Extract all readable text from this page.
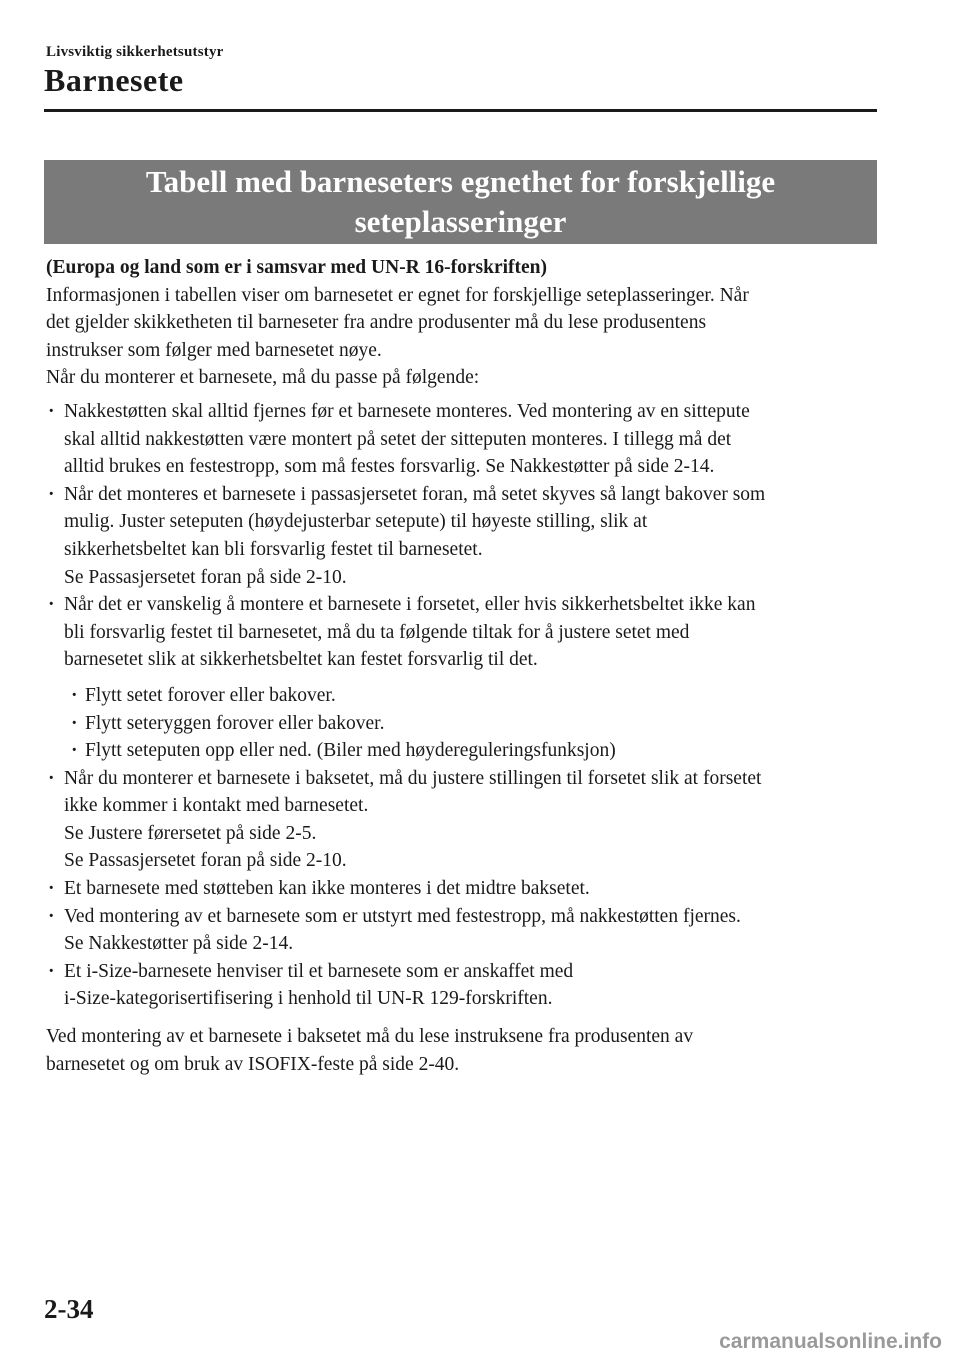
Livsviktig sikkerhetsutstyr
Barnesete
Tabell med barneseters egnethet for forskjellige
seteplasseringer

(Europa og land som er i samsvar med UN-R 16-forskriften)

Informasjonen i tabellen viser om barnesetet er egnet for forskjellige seteplasseringer. Når
det gjelder skikketheten til barneseter fra andre produsenter må du lese produsentens
instrukser som følger med barnesetet nøye.
Når du monterer et barnesete, må du passe på følgende:

· Nakkestøtten skal alltid fjernes før et barnesete monteres. Ved montering av en sittepute
skal alltid nakkestøtten være montert på setet der sitteputen monteres. I tillegg må det
alltid brukes en festestropp, som må festes forsvarlig. Se Nakkestøtter på side 2-14.
· Når det monteres et barnesete i passasjersetet foran, må setet skyves så langt bakover som
mulig. Juster seteputen (høydejusterbar setepute) til høyeste stilling, slik at
sikkerhetsbeltet kan bli forsvarlig festet til barnesetet.
Se Passasjersetet foran på side 2-10.
· Når det er vanskelig å montere et barnesete i forsetet, eller hvis sikkerhetsbeltet ikke kan
bli forsvarlig festet til barnesetet, må du ta følgende tiltak for å justere setet med
barnesetet slik at sikkerhetsbeltet kan festet forsvarlig til det.
· Flytt setet forover eller bakover.
· Flytt seteryggen forover eller bakover.
· Flytt seteputen opp eller ned. (Biler med høydereguleringsfunksjon)
· Når du monterer et barnesete i baksetet, må du justere stillingen til forsetet slik at forsetet
ikke kommer i kontakt med barnesetet.
Se Justere førersetet på side 2-5.
Se Passasjersetet foran på side 2-10.
· Et barnesete med støtteben kan ikke monteres i det midtre baksetet.
· Ved montering av et barnesete som er utstyrt med festestropp, må nakkestøtten fjernes.
Se Nakkestøtter på side 2-14.
· Et i-Size-barnesete henviser til et barnesete som er anskaffet med
i-Size-kategorisertifisering i henhold til UN-R 129-forskriften.

Ved montering av et barnesete i baksetet må du lese instruksene fra produsenten av
barnesetet og om bruk av ISOFIX-feste på side 2-40.

2-34
carmanualsonline.info
